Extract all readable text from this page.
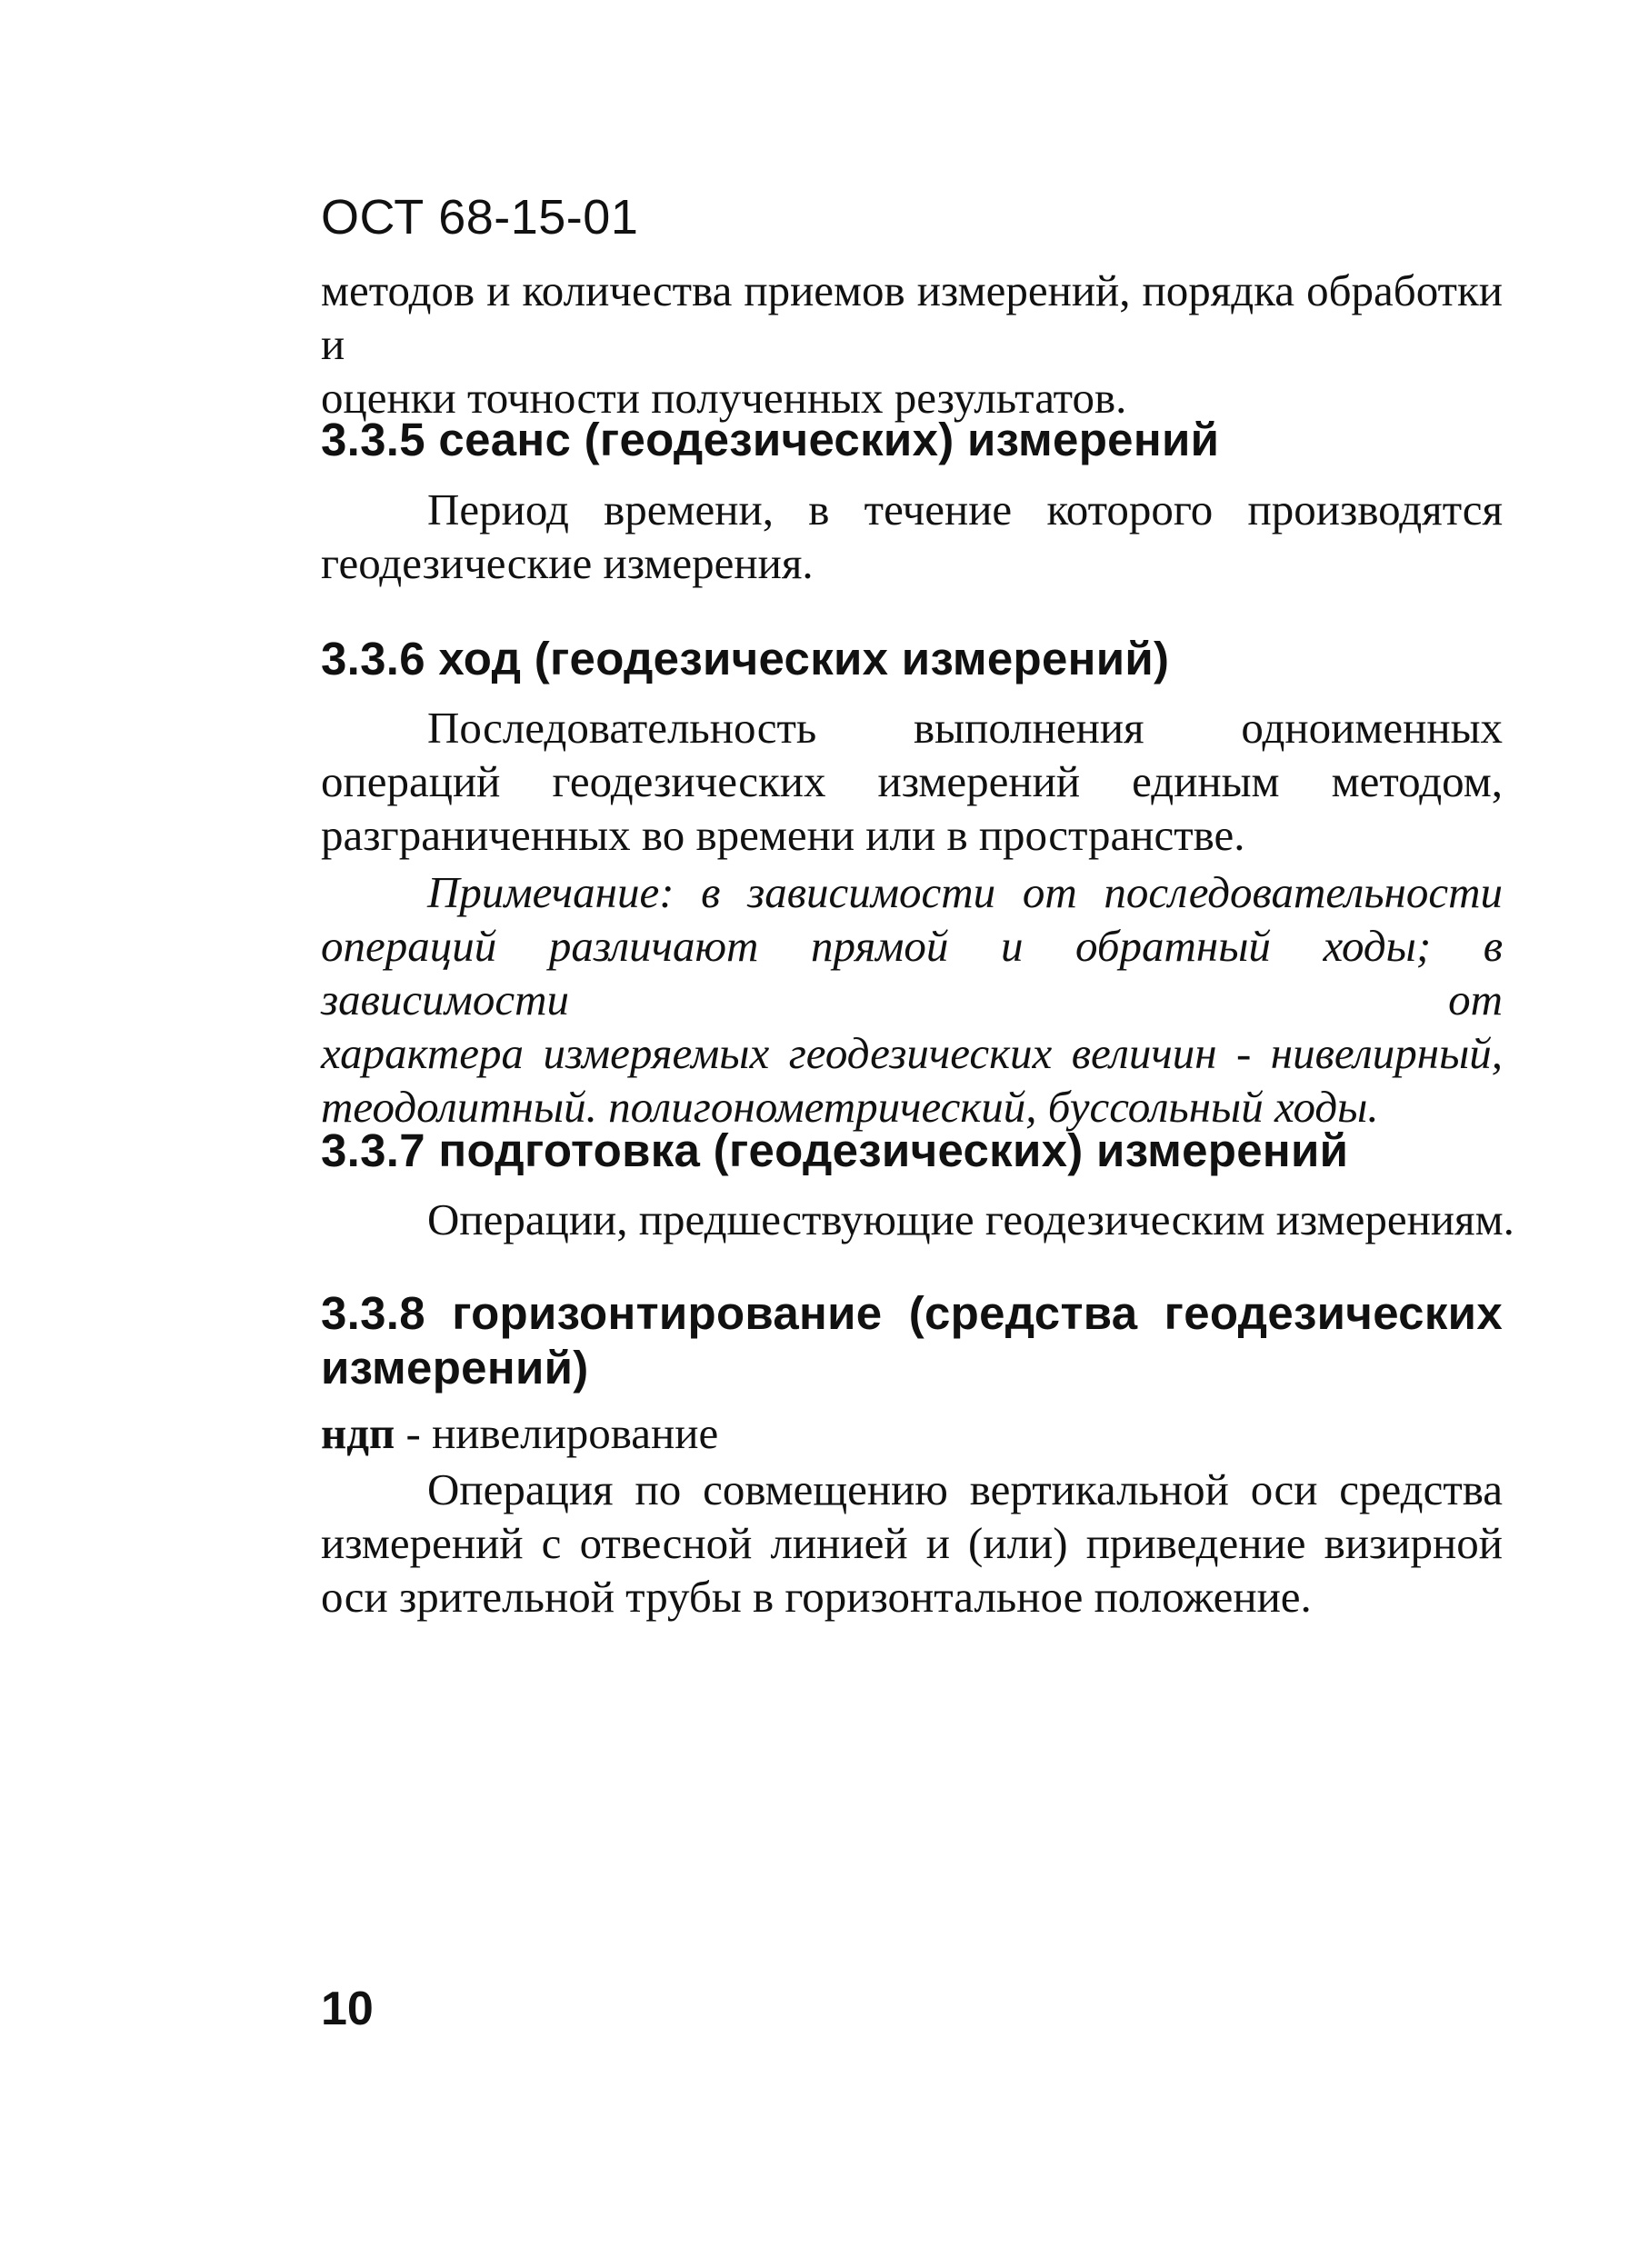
ОСТ 68-15-01
методов и количества приемов измерений, порядка обработки и
оценки точности полученных результатов.
3.3.5 сеанс (геодезических) измерений
Период времени, в течение которого производятся
геодезические измерения.
3.3.6 ход (геодезических измерений)
Последовательность выполнения одноименных
операций геодезических измерений единым методом,
разграниченных во времени или в пространстве.
Примечание: в зависимости от последовательности
операций различают прямой и обратный ходы; в зависимости от
характера измеряемых геодезических величин - нивелирный,
теодолитный. полигонометрический, буссольный ходы.
3.3.7 подготовка (геодезических) измерений
Операции, предшествующие геодезическим измерениям.
3.3.8 горизонтирование (средства геодезических
измерений)
ндп - нивелирование
Операция по совмещению вертикальной оси средства
измерений с отвесной линией и (или) приведение визирной
оси зрительной трубы в горизонтальное положение.
10
